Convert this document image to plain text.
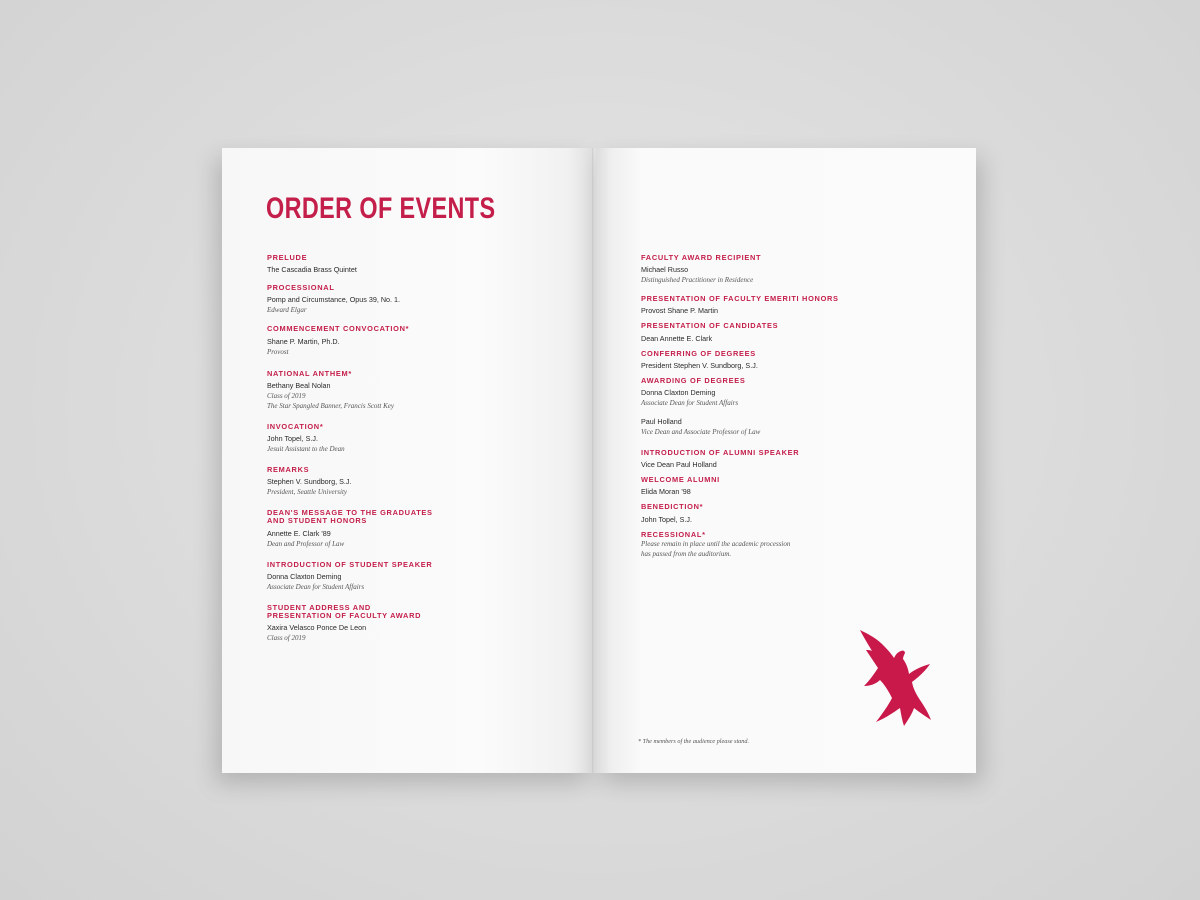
ORDER OF EVENTS
PRELUDE
The Cascadia Brass Quintet
PROCESSIONAL
Pomp and Circumstance, Opus 39, No. 1.
Edward Elgar
COMMENCEMENT CONVOCATION*
Shane P. Martin, Ph.D.
Provost
NATIONAL ANTHEM*
Bethany Beal Nolan
Class of 2019
The Star Spangled Banner, Francis Scott Key
INVOCATION*
John Topel, S.J.
Jesuit Assistant to the Dean
REMARKS
Stephen V. Sundborg, S.J.
President, Seattle University
DEAN'S MESSAGE TO THE GRADUATES
AND STUDENT HONORS
Annette E. Clark '89
Dean and Professor of Law
INTRODUCTION OF STUDENT SPEAKER
Donna Claxton Deming
Associate Dean for Student Affairs
STUDENT ADDRESS AND
PRESENTATION OF FACULTY AWARD
Xaxira Velasco Ponce De Leon
Class of 2019
FACULTY AWARD RECIPIENT
Michael Russo
Distinguished Practitioner in Residence
PRESENTATION OF FACULTY EMERITI HONORS
Provost Shane P. Martin
PRESENTATION OF CANDIDATES
Dean Annette E. Clark
CONFERRING OF DEGREES
President Stephen V. Sundborg, S.J.
AWARDING OF DEGREES
Donna Claxton Deming
Associate Dean for Student Affairs
Paul Holland
Vice Dean and Associate Professor of Law
INTRODUCTION OF ALUMNI SPEAKER
Vice Dean Paul Holland
WELCOME ALUMNI
Elida Moran '98
BENEDICTION*
John Topel, S.J.
RECESSIONAL*
Please remain in place until the academic procession
has passed from the auditorium.
* The members of the audience please stand.
